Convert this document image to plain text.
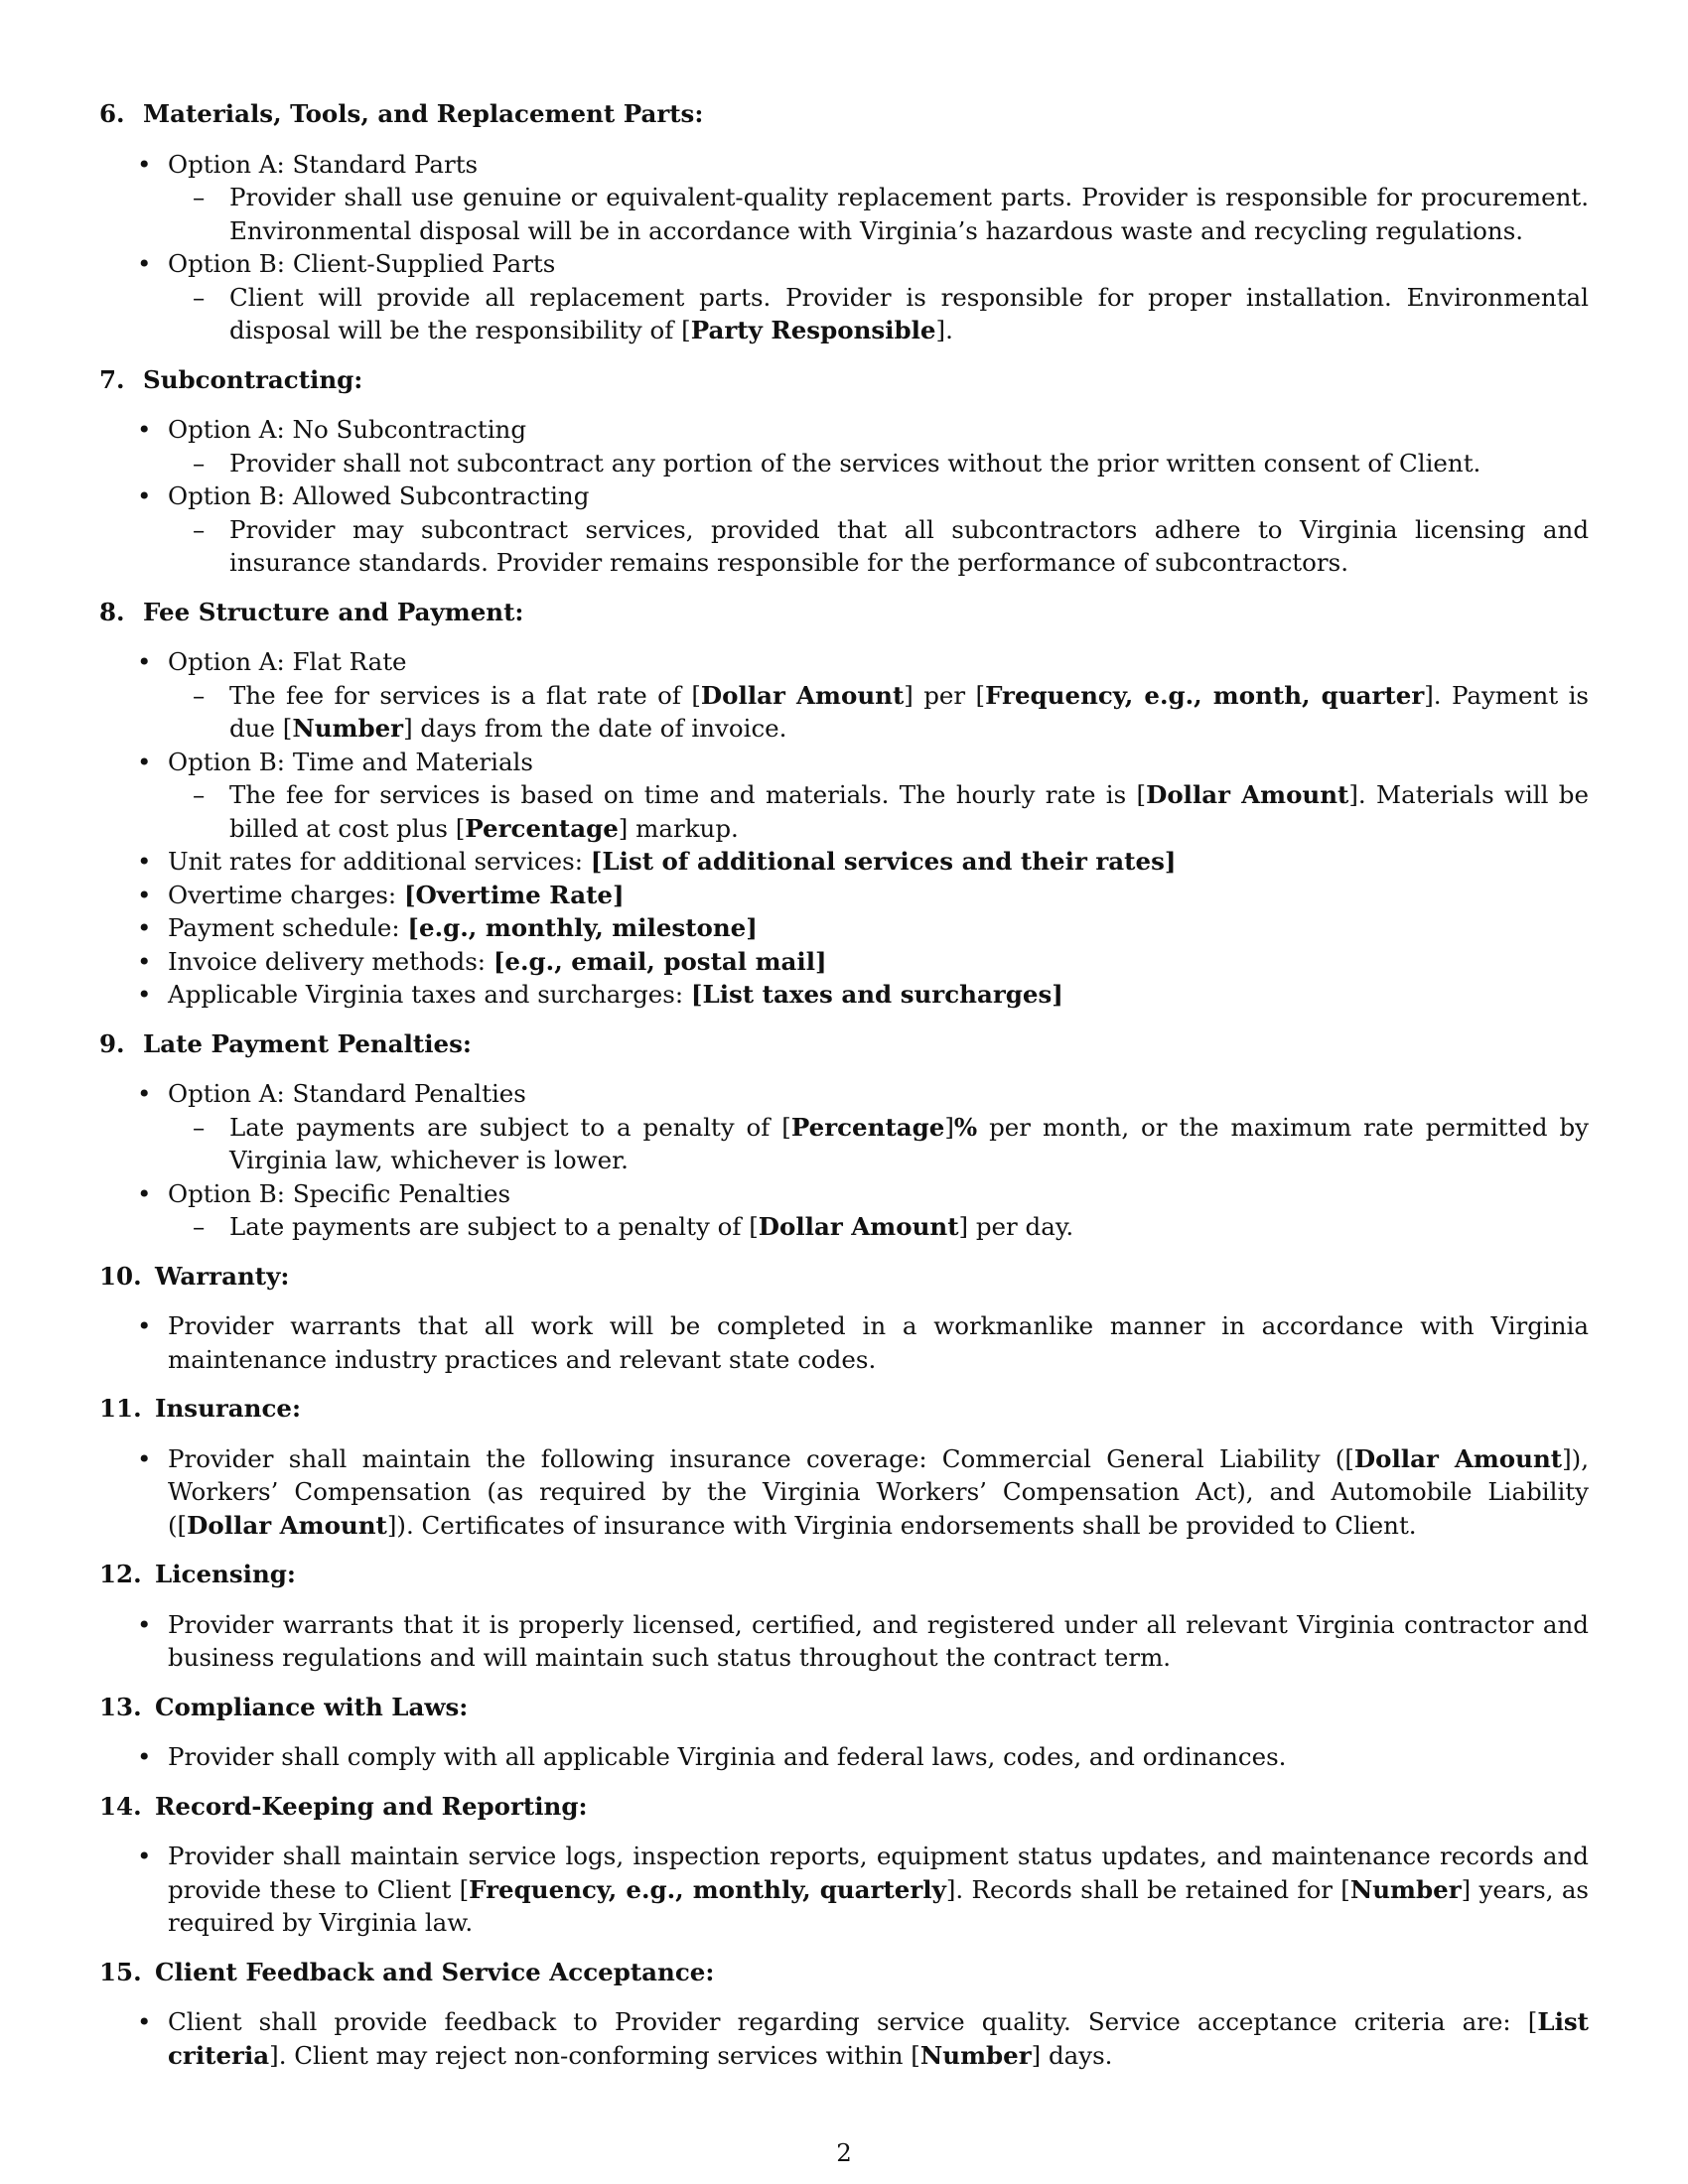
6. Materials, Tools, and Replacement Parts:
• Option A: Standard Parts
– Provider shall use genuine or equivalent-quality replacement parts. Provider is responsible for procurement. Environmental disposal will be in accordance with Virginia’s hazardous waste and recycling regulations.
• Option B: Client-Supplied Parts
– Client will provide all replacement parts. Provider is responsible for proper installation. Environmental disposal will be the responsibility of [Party Responsible].
7. Subcontracting:
• Option A: No Subcontracting
– Provider shall not subcontract any portion of the services without the prior written consent of Client.
• Option B: Allowed Subcontracting
– Provider may subcontract services, provided that all subcontractors adhere to Virginia licensing and insurance standards. Provider remains responsible for the performance of subcontractors.
8. Fee Structure and Payment:
• Option A: Flat Rate
– The fee for services is a flat rate of [Dollar Amount] per [Frequency, e.g., month, quarter]. Payment is due [Number] days from the date of invoice.
• Option B: Time and Materials
– The fee for services is based on time and materials. The hourly rate is [Dollar Amount]. Materials will be billed at cost plus [Percentage] markup.
• Unit rates for additional services: [List of additional services and their rates]
• Overtime charges: [Overtime Rate]
• Payment schedule: [e.g., monthly, milestone]
• Invoice delivery methods: [e.g., email, postal mail]
• Applicable Virginia taxes and surcharges: [List taxes and surcharges]
9. Late Payment Penalties:
• Option A: Standard Penalties
– Late payments are subject to a penalty of [Percentage]% per month, or the maximum rate permitted by Virginia law, whichever is lower.
• Option B: Specific Penalties
– Late payments are subject to a penalty of [Dollar Amount] per day.
10. Warranty:
• Provider warrants that all work will be completed in a workmanlike manner in accordance with Virginia maintenance industry practices and relevant state codes.
11. Insurance:
• Provider shall maintain the following insurance coverage: Commercial General Liability ([Dollar Amount]), Workers’ Compensation (as required by the Virginia Workers’ Compensation Act), and Automobile Liability ([Dollar Amount]). Certificates of insurance with Virginia endorsements shall be provided to Client.
12. Licensing:
• Provider warrants that it is properly licensed, certified, and registered under all relevant Virginia contractor and business regulations and will maintain such status throughout the contract term.
13. Compliance with Laws:
• Provider shall comply with all applicable Virginia and federal laws, codes, and ordinances.
14. Record-Keeping and Reporting:
• Provider shall maintain service logs, inspection reports, equipment status updates, and maintenance records and provide these to Client [Frequency, e.g., monthly, quarterly]. Records shall be retained for [Number] years, as required by Virginia law.
15. Client Feedback and Service Acceptance:
• Client shall provide feedback to Provider regarding service quality. Service acceptance criteria are: [List criteria]. Client may reject non-conforming services within [Number] days.
2
